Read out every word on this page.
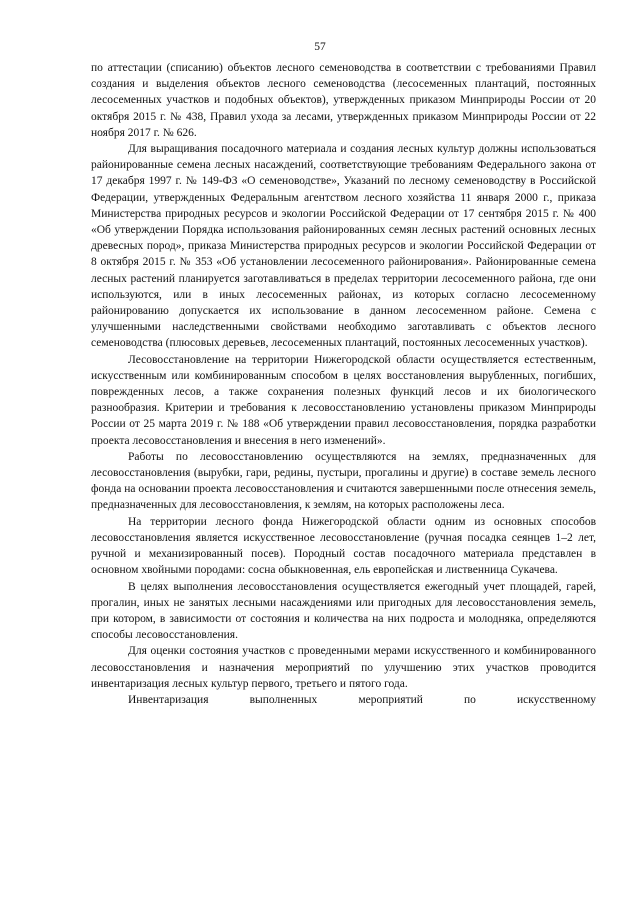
57

по аттестации (списанию) объектов лесного семеноводства в соответствии с требованиями Правил создания и выделения объектов лесного семеноводства (лесосеменных плантаций, постоянных лесосеменных участков и подобных объектов), утвержденных приказом Минприроды России от 20 октября 2015 г. № 438, Правил ухода за лесами, утвержденных приказом Минприроды России от 22 ноября 2017 г. № 626.

Для выращивания посадочного материала и создания лесных культур должны использоваться районированные семена лесных насаждений, соответствующие требованиям Федерального закона от 17 декабря 1997 г. № 149-ФЗ «О семеноводстве», Указаний по лесному семеноводству в Российской Федерации, утвержденных Федеральным агентством лесного хозяйства 11 января 2000 г., приказа Министерства природных ресурсов и экологии Российской Федерации от 17 сентября 2015 г. № 400 «Об утверждении Порядка использования районированных семян лесных растений основных лесных древесных пород», приказа Министерства природных ресурсов и экологии Российской Федерации от 8 октября 2015 г. № 353 «Об установлении лесосеменного районирования». Районированные семена лесных растений планируется заготавливаться в пределах территории лесосеменного района, где они используются, или в иных лесосеменных районах, из которых согласно лесосеменному районированию допускается их использование в данном лесосеменном районе. Семена с улучшенными наследственными свойствами необходимо заготавливать с объектов лесного семеноводства (плюсовых деревьев, лесосеменных плантаций, постоянных лесосеменных участков).

Лесовосстановление на территории Нижегородской области осуществляется естественным, искусственным или комбинированным способом в целях восстановления вырубленных, погибших, поврежденных лесов, а также сохранения полезных функций лесов и их биологического разнообразия. Критерии и требования к лесовосстановлению установлены приказом Минприроды России от 25 марта 2019 г. № 188 «Об утверждении правил лесовосстановления, порядка разработки проекта лесовосстановления и внесения в него изменений».

Работы по лесовосстановлению осуществляются на землях, предназначенных для лесовосстановления (вырубки, гари, редины, пустыри, прогалины и другие) в составе земель лесного фонда на основании проекта лесовосстановления и считаются завершенными после отнесения земель, предназначенных для лесовосстановления, к землям, на которых расположены леса.

На территории лесного фонда Нижегородской области одним из основных способов лесовосстановления является искусственное лесовосстановление (ручная посадка сеянцев 1–2 лет, ручной и механизированный посев). Породный состав посадочного материала представлен в основном хвойными породами: сосна обыкновенная, ель европейская и лиственница Сукачева.

В целях выполнения лесовосстановления осуществляется ежегодный учет площадей, гарей, прогалин, иных не занятых лесными насаждениями или пригодных для лесовосстановления земель, при котором, в зависимости от состояния и количества на них подроста и молодняка, определяются способы лесовосстановления.

Для оценки состояния участков с проведенными мерами искусственного и комбинированного лесовосстановления и назначения мероприятий по улучшению этих участков проводится инвентаризация лесных культур первого, третьего и пятого года.

Инвентаризация выполненных мероприятий по искусственному
